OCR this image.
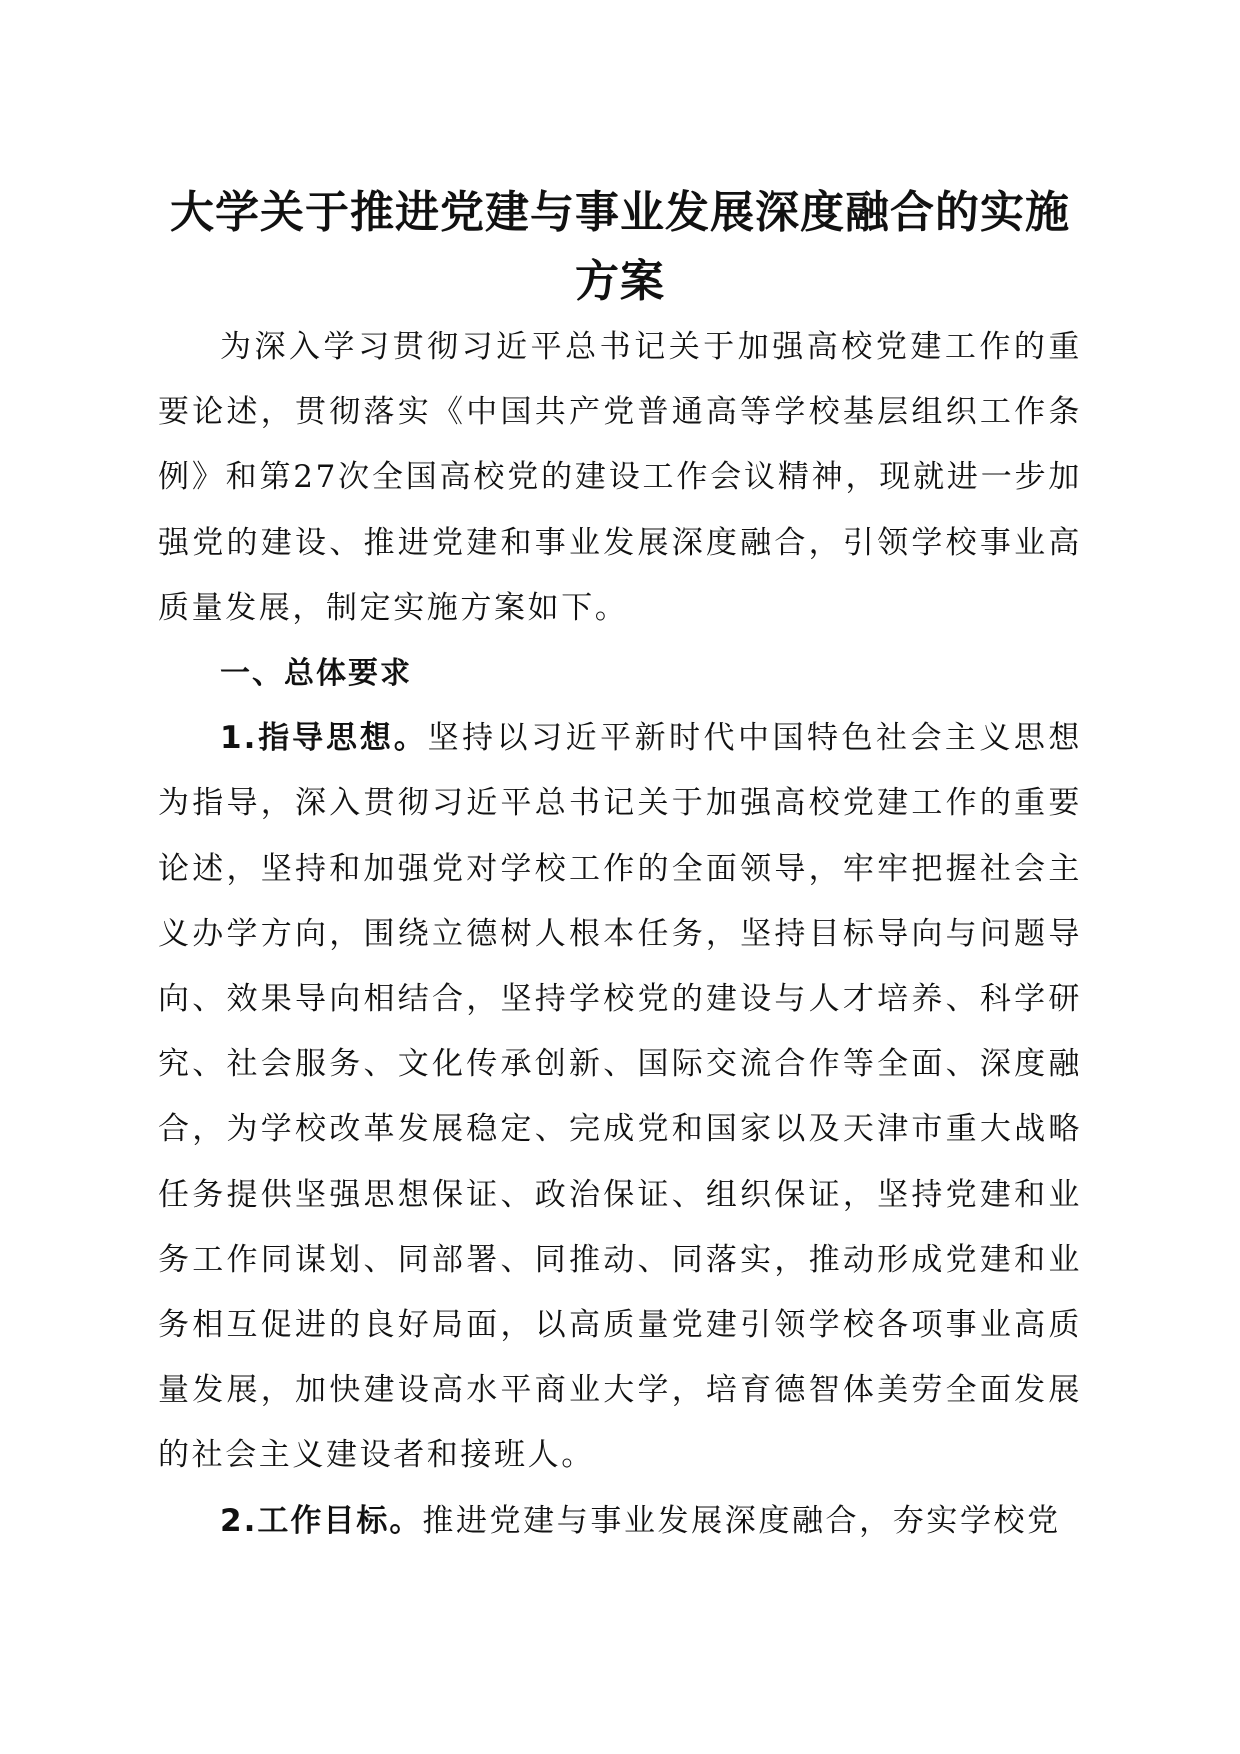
大学关于推进党建与事业发展深度融合的实施方案

为深入学习贯彻习近平总书记关于加强高校党建工作的重要论述，贯彻落实《中国共产党普通高等学校基层组织工作条例》和第27次全国高校党的建设工作会议精神，现就进一步加强党的建设、推进党建和事业发展深度融合，引领学校事业高质量发展，制定实施方案如下。

一、总体要求

1.指导思想。坚持以习近平新时代中国特色社会主义思想为指导，深入贯彻习近平总书记关于加强高校党建工作的重要论述，坚持和加强党对学校工作的全面领导，牢牢把握社会主义办学方向，围绕立德树人根本任务，坚持目标导向与问题导向、效果导向相结合，坚持学校党的建设与人才培养、科学研究、社会服务、文化传承创新、国际交流合作等全面、深度融合，为学校改革发展稳定、完成党和国家以及天津市重大战略任务提供坚强思想保证、政治保证、组织保证，坚持党建和业务工作同谋划、同部署、同推动、同落实，推动形成党建和业务相互促进的良好局面，以高质量党建引领学校各项事业高质量发展，加快建设高水平商业大学，培育德智体美劳全面发展的社会主义建设者和接班人。

2.工作目标。推进党建与事业发展深度融合，夯实学校党
